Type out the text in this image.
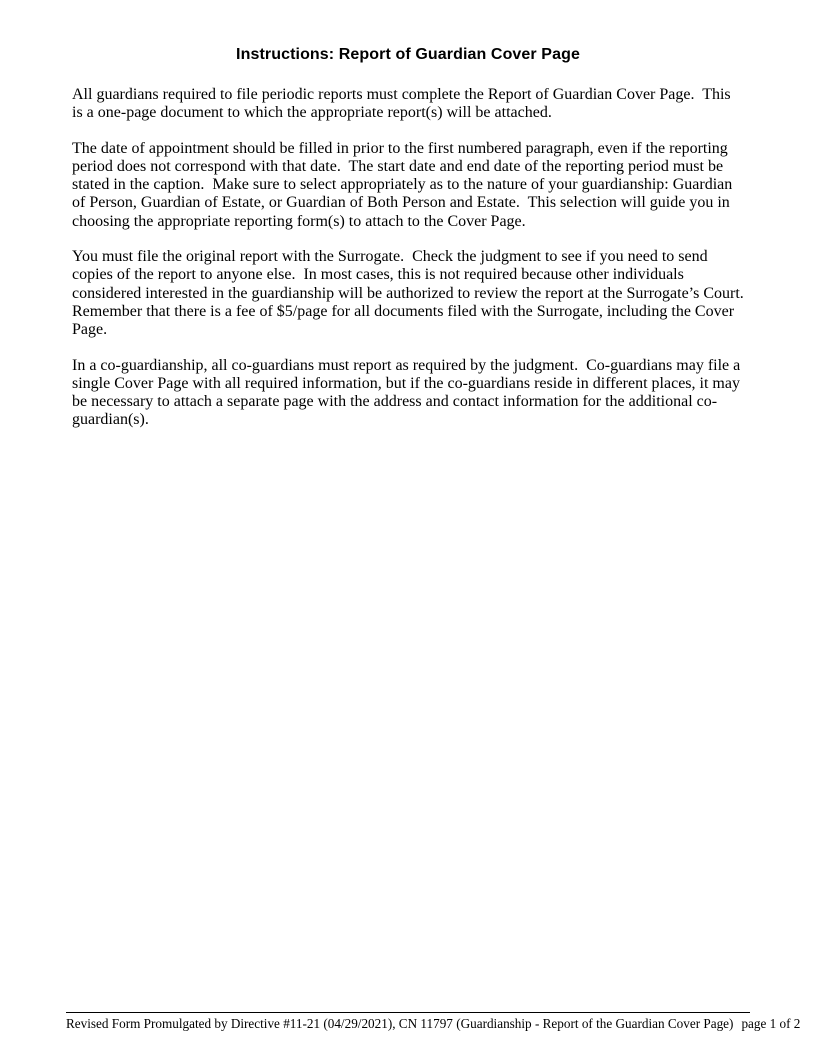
Instructions: Report of Guardian Cover Page

All guardians required to file periodic reports must complete the Report of Guardian Cover Page.  This is a one-page document to which the appropriate report(s) will be attached.

The date of appointment should be filled in prior to the first numbered paragraph, even if the reporting period does not correspond with that date.  The start date and end date of the reporting period must be stated in the caption.  Make sure to select appropriately as to the nature of your guardianship: Guardian of Person, Guardian of Estate, or Guardian of Both Person and Estate.  This selection will guide you in choosing the appropriate reporting form(s) to attach to the Cover Page.

You must file the original report with the Surrogate.  Check the judgment to see if you need to send copies of the report to anyone else.  In most cases, this is not required because other individuals considered interested in the guardianship will be authorized to review the report at the Surrogate’s Court.  Remember that there is a fee of $5/page for all documents filed with the Surrogate, including the Cover Page.

In a co-guardianship, all co-guardians must report as required by the judgment.  Co-guardians may file a single Cover Page with all required information, but if the co-guardians reside in different places, it may be necessary to attach a separate page with the address and contact information for the additional co-guardian(s).

Revised Form Promulgated by Directive #11-21 (04/29/2021), CN 11797 (Guardianship - Report of the Guardian Cover Page) page 1 of 2
